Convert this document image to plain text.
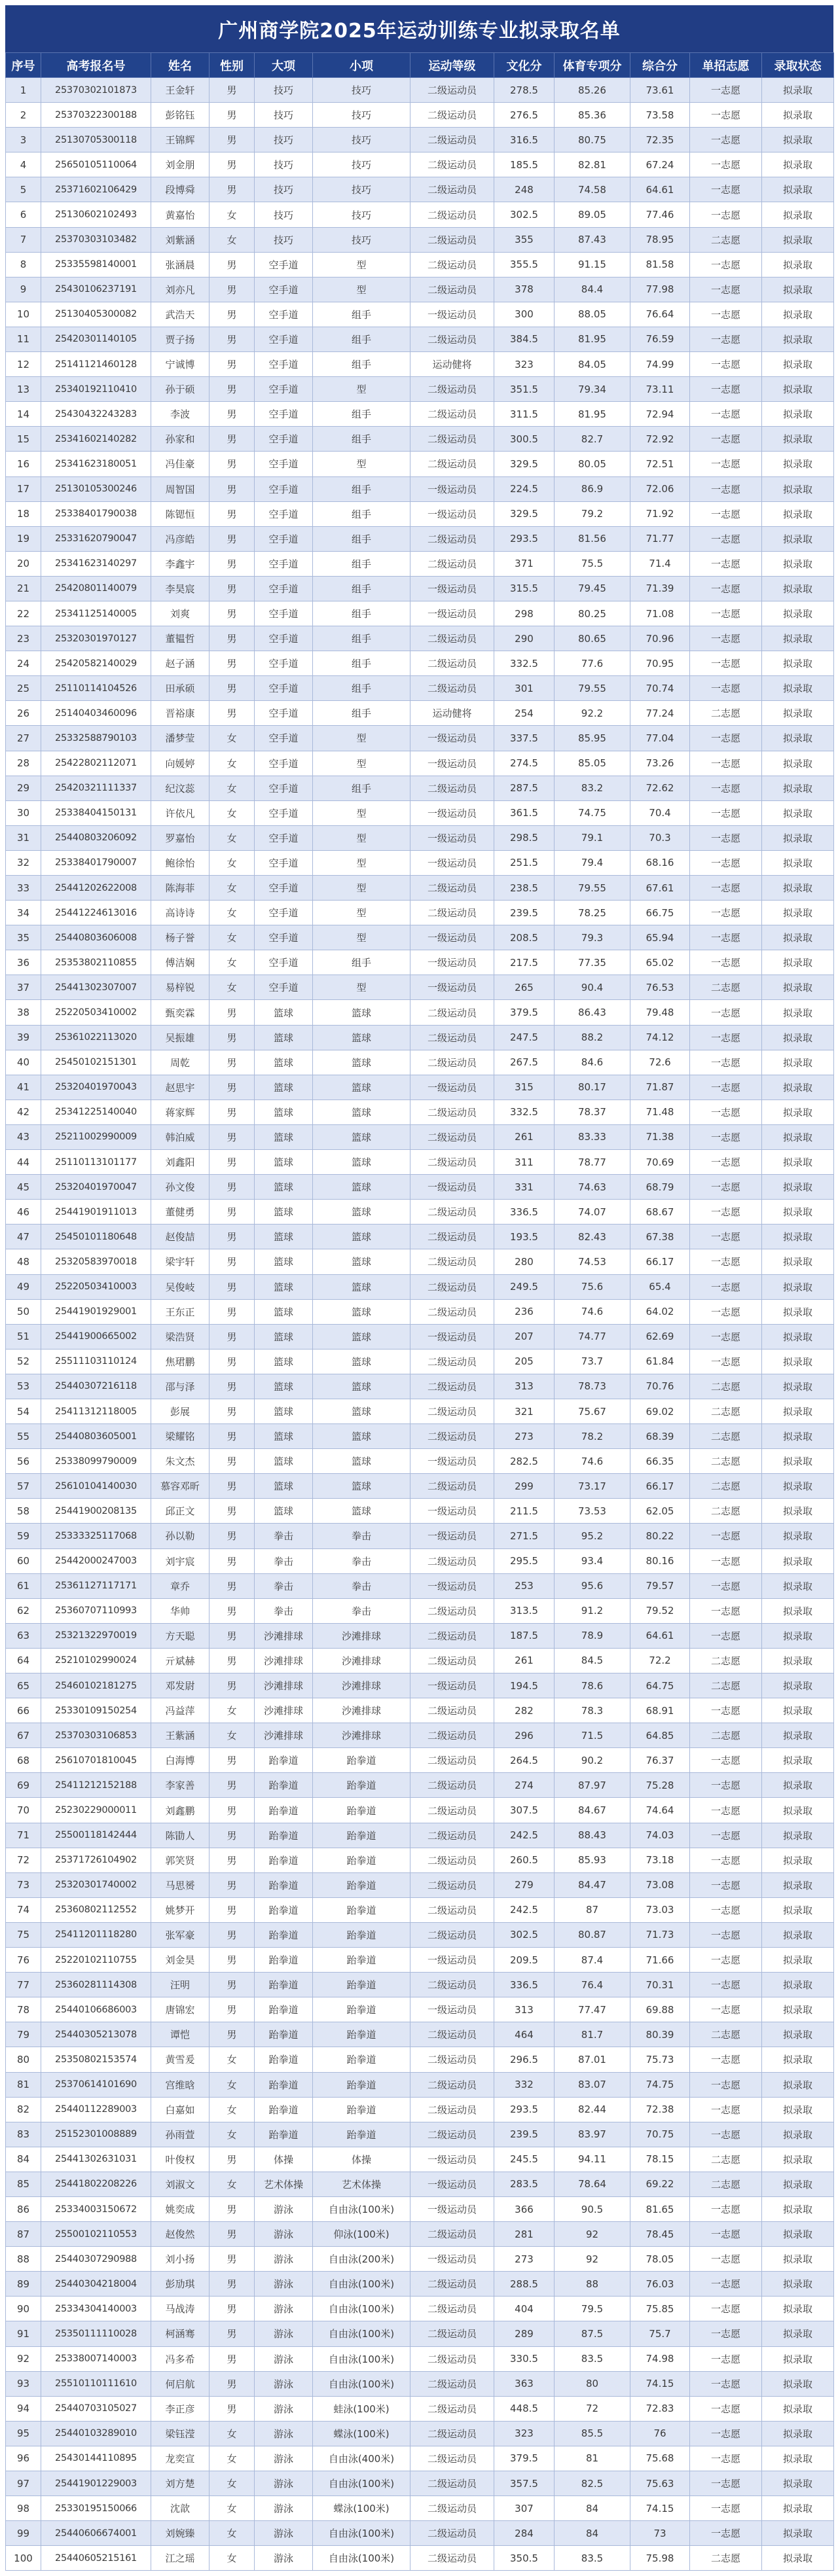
广州商学院2025年运动训练专业拟录取名单
序号	高考报名号	姓名	性别	大项	小项	运动等级	文化分	体育专项分	综合分	单招志愿	录取状态
1	25370302101873	王金轩	男	技巧	技巧	二级运动员	278.5	85.26	73.61	一志愿	拟录取
2	25370322300188	彭铭钰	男	技巧	技巧	二级运动员	276.5	85.36	73.58	一志愿	拟录取
3	25130705300118	王锦辉	男	技巧	技巧	二级运动员	316.5	80.75	72.35	一志愿	拟录取
4	25650105110064	刘金朋	男	技巧	技巧	二级运动员	185.5	82.81	67.24	一志愿	拟录取
5	25371602106429	段博舜	男	技巧	技巧	二级运动员	248	74.58	64.61	一志愿	拟录取
6	25130602102493	黄嘉怡	女	技巧	技巧	二级运动员	302.5	89.05	77.46	一志愿	拟录取
7	25370303103482	刘紫涵	女	技巧	技巧	二级运动员	355	87.43	78.95	二志愿	拟录取
8	25335598140001	张涵晨	男	空手道	型	二级运动员	355.5	91.15	81.58	一志愿	拟录取
9	25430106237191	刘亦凡	男	空手道	型	二级运动员	378	84.4	77.98	一志愿	拟录取
10	25130405300082	武浩天	男	空手道	组手	一级运动员	300	88.05	76.64	一志愿	拟录取
11	25420301140105	贾子扬	男	空手道	组手	二级运动员	384.5	81.95	76.59	一志愿	拟录取
12	25141121460128	宁诚博	男	空手道	组手	运动健将	323	84.05	74.99	一志愿	拟录取
13	25340192110410	孙于硕	男	空手道	型	二级运动员	351.5	79.34	73.11	一志愿	拟录取
14	25430432243283	李波	男	空手道	组手	二级运动员	311.5	81.95	72.94	一志愿	拟录取
15	25341602140282	孙家和	男	空手道	组手	二级运动员	300.5	82.7	72.92	一志愿	拟录取
16	25341623180051	冯佳豪	男	空手道	型	二级运动员	329.5	80.05	72.51	一志愿	拟录取
17	25130105300246	周智国	男	空手道	组手	一级运动员	224.5	86.9	72.06	一志愿	拟录取
18	25338401790038	陈锶恒	男	空手道	组手	一级运动员	329.5	79.2	71.92	一志愿	拟录取
19	25331620790047	冯彦皓	男	空手道	组手	二级运动员	293.5	81.56	71.77	一志愿	拟录取
20	25341623140297	李鑫宇	男	空手道	组手	二级运动员	371	75.5	71.4	一志愿	拟录取
21	25420801140079	李昊宸	男	空手道	组手	一级运动员	315.5	79.45	71.39	一志愿	拟录取
22	25341125140005	刘爽	男	空手道	组手	一级运动员	298	80.25	71.08	一志愿	拟录取
23	25320301970127	董韫哲	男	空手道	组手	二级运动员	290	80.65	70.96	一志愿	拟录取
24	25420582140029	赵子涵	男	空手道	组手	二级运动员	332.5	77.6	70.95	一志愿	拟录取
25	25110114104526	田承硕	男	空手道	组手	二级运动员	301	79.55	70.74	一志愿	拟录取
26	25140403460096	晋裕康	男	空手道	组手	运动健将	254	92.2	77.24	二志愿	拟录取
27	25332588790103	潘梦莹	女	空手道	型	一级运动员	337.5	85.95	77.04	一志愿	拟录取
28	25422802112071	向媛婷	女	空手道	型	一级运动员	274.5	85.05	73.26	一志愿	拟录取
29	25420321111337	纪汶蕊	女	空手道	组手	二级运动员	287.5	83.2	72.62	一志愿	拟录取
30	25338404150131	许依凡	女	空手道	型	一级运动员	361.5	74.75	70.4	一志愿	拟录取
31	25440803206092	罗嘉怡	女	空手道	型	一级运动员	298.5	79.1	70.3	一志愿	拟录取
32	25338401790007	鲍徐怡	女	空手道	型	一级运动员	251.5	79.4	68.16	一志愿	拟录取
33	25441202622008	陈海菲	女	空手道	型	二级运动员	238.5	79.55	67.61	一志愿	拟录取
34	25441224613016	高诗诗	女	空手道	型	二级运动员	239.5	78.25	66.75	一志愿	拟录取
35	25440803606008	杨子誉	女	空手道	型	一级运动员	208.5	79.3	65.94	一志愿	拟录取
36	25353802110855	傅洁娴	女	空手道	组手	一级运动员	217.5	77.35	65.02	一志愿	拟录取
37	25441302307007	易梓锐	女	空手道	型	一级运动员	265	90.4	76.53	二志愿	拟录取
38	25220503410002	甄奕霖	男	篮球	篮球	二级运动员	379.5	86.43	79.48	一志愿	拟录取
39	25361022113020	吴振雄	男	篮球	篮球	二级运动员	247.5	88.2	74.12	一志愿	拟录取
40	25450102151301	周乾	男	篮球	篮球	二级运动员	267.5	84.6	72.6	一志愿	拟录取
41	25320401970043	赵思宇	男	篮球	篮球	一级运动员	315	80.17	71.87	一志愿	拟录取
42	25341225140040	蒋家辉	男	篮球	篮球	二级运动员	332.5	78.37	71.48	一志愿	拟录取
43	25211002990009	韩泊威	男	篮球	篮球	二级运动员	261	83.33	71.38	一志愿	拟录取
44	25110113101177	刘鑫阳	男	篮球	篮球	二级运动员	311	78.77	70.69	一志愿	拟录取
45	25320401970047	孙文俊	男	篮球	篮球	一级运动员	331	74.63	68.79	一志愿	拟录取
46	25441901911013	董健勇	男	篮球	篮球	二级运动员	336.5	74.07	68.67	一志愿	拟录取
47	25450101180648	赵俊喆	男	篮球	篮球	二级运动员	193.5	82.43	67.38	一志愿	拟录取
48	25320583970018	梁宇轩	男	篮球	篮球	二级运动员	280	74.53	66.17	一志愿	拟录取
49	25220503410003	吴俊岐	男	篮球	篮球	二级运动员	249.5	75.6	65.4	一志愿	拟录取
50	25441901929001	王东正	男	篮球	篮球	二级运动员	236	74.6	64.02	一志愿	拟录取
51	25441900665002	梁浩贤	男	篮球	篮球	一级运动员	207	74.77	62.69	一志愿	拟录取
52	25511103110124	焦珺鹏	男	篮球	篮球	二级运动员	205	73.7	61.84	一志愿	拟录取
53	25440307216118	邵与泽	男	篮球	篮球	二级运动员	313	78.73	70.76	二志愿	拟录取
54	25411312118005	彭展	男	篮球	篮球	二级运动员	321	75.67	69.02	二志愿	拟录取
55	25440803605001	梁耀铭	男	篮球	篮球	二级运动员	273	78.2	68.39	二志愿	拟录取
56	25338099790009	朱文杰	男	篮球	篮球	一级运动员	282.5	74.6	66.35	二志愿	拟录取
57	25610104140030	慕容邓昕	男	篮球	篮球	二级运动员	299	73.17	66.17	二志愿	拟录取
58	25441900208135	邱正文	男	篮球	篮球	一级运动员	211.5	73.53	62.05	二志愿	拟录取
59	25333325117068	孙以勒	男	拳击	拳击	一级运动员	271.5	95.2	80.22	一志愿	拟录取
60	25442000247003	刘宇宸	男	拳击	拳击	二级运动员	295.5	93.4	80.16	一志愿	拟录取
61	25361127117171	章乔	男	拳击	拳击	一级运动员	253	95.6	79.57	一志愿	拟录取
62	25360707110993	华帅	男	拳击	拳击	二级运动员	313.5	91.2	79.52	一志愿	拟录取
63	25321322970019	方天聪	男	沙滩排球	沙滩排球	二级运动员	187.5	78.9	64.61	一志愿	拟录取
64	25210102990024	亓斌赫	男	沙滩排球	沙滩排球	二级运动员	261	84.5	72.2	二志愿	拟录取
65	25460102181275	邓发尉	男	沙滩排球	沙滩排球	一级运动员	194.5	78.6	64.75	二志愿	拟录取
66	25330109150254	冯益萍	女	沙滩排球	沙滩排球	二级运动员	282	78.3	68.91	一志愿	拟录取
67	25370303106853	王紫涵	女	沙滩排球	沙滩排球	二级运动员	296	71.5	64.85	二志愿	拟录取
68	25610701810045	白海博	男	跆拳道	跆拳道	二级运动员	264.5	90.2	76.37	一志愿	拟录取
69	25411212152188	李家善	男	跆拳道	跆拳道	二级运动员	274	87.97	75.28	一志愿	拟录取
70	25230229000011	刘鑫鹏	男	跆拳道	跆拳道	二级运动员	307.5	84.67	74.64	一志愿	拟录取
71	25500118142444	陈勖人	男	跆拳道	跆拳道	二级运动员	242.5	88.43	74.03	一志愿	拟录取
72	25371726104902	郭笑贤	男	跆拳道	跆拳道	二级运动员	260.5	85.93	73.18	一志愿	拟录取
73	25320301740002	马思赟	男	跆拳道	跆拳道	二级运动员	279	84.47	73.08	一志愿	拟录取
74	25360802112552	姚梦开	男	跆拳道	跆拳道	二级运动员	242.5	87	73.03	一志愿	拟录取
75	25411201118280	张军豪	男	跆拳道	跆拳道	二级运动员	302.5	80.87	71.73	一志愿	拟录取
76	25220102110755	刘金昊	男	跆拳道	跆拳道	一级运动员	209.5	87.4	71.66	一志愿	拟录取
77	25360281114308	汪明	男	跆拳道	跆拳道	二级运动员	336.5	76.4	70.31	一志愿	拟录取
78	25440106686003	唐锦宏	男	跆拳道	跆拳道	一级运动员	313	77.47	69.88	一志愿	拟录取
79	25440305213078	谭恺	男	跆拳道	跆拳道	二级运动员	464	81.7	80.39	二志愿	拟录取
80	25350802153574	黄雪爰	女	跆拳道	跆拳道	二级运动员	296.5	87.01	75.73	一志愿	拟录取
81	25370614101690	宫维晗	女	跆拳道	跆拳道	二级运动员	332	83.07	74.75	一志愿	拟录取
82	25440112289003	白嘉如	女	跆拳道	跆拳道	二级运动员	293.5	82.44	72.38	一志愿	拟录取
83	25152301008889	孙雨萱	女	跆拳道	跆拳道	二级运动员	239.5	83.97	70.75	一志愿	拟录取
84	25441302631031	叶俊权	男	体操	体操	一级运动员	245.5	94.11	78.15	二志愿	拟录取
85	25441802208226	刘淑文	女	艺术体操	艺术体操	一级运动员	283.5	78.64	69.22	二志愿	拟录取
86	25334003150672	姚奕成	男	游泳	自由泳(100米)	一级运动员	366	90.5	81.65	一志愿	拟录取
87	25500102110553	赵俊然	男	游泳	仰泳(100米)	二级运动员	281	92	78.45	一志愿	拟录取
88	25440307290988	刘小扬	男	游泳	自由泳(200米)	一级运动员	273	92	78.05	一志愿	拟录取
89	25440304218004	彭劢琪	男	游泳	自由泳(100米)	二级运动员	288.5	88	76.03	一志愿	拟录取
90	25334304140003	马战涛	男	游泳	自由泳(100米)	二级运动员	404	79.5	75.85	一志愿	拟录取
91	25350111110028	柯涵骞	男	游泳	自由泳(100米)	二级运动员	289	87.5	75.7	一志愿	拟录取
92	25338007140003	冯多希	男	游泳	自由泳(100米)	二级运动员	330.5	83.5	74.98	一志愿	拟录取
93	25510110111610	何启航	男	游泳	自由泳(100米)	二级运动员	363	80	74.15	一志愿	拟录取
94	25440703105027	李正彦	男	游泳	蛙泳(100米)	二级运动员	448.5	72	72.83	一志愿	拟录取
95	25440103289010	梁钰滢	女	游泳	蝶泳(100米)	二级运动员	323	85.5	76	一志愿	拟录取
96	25430144110895	龙奕宣	女	游泳	自由泳(400米)	二级运动员	379.5	81	75.68	一志愿	拟录取
97	25441901229003	刘方楚	女	游泳	自由泳(100米)	二级运动员	357.5	82.5	75.63	一志愿	拟录取
98	25330195150066	沈歆	女	游泳	蝶泳(100米)	二级运动员	307	84	74.15	一志愿	拟录取
99	25440606674001	刘婉臻	女	游泳	自由泳(100米)	二级运动员	284	84	73	一志愿	拟录取
100	25440605215161	江之瑶	女	游泳	自由泳(100米)	二级运动员	350.5	83.5	75.98	二志愿	拟录取
